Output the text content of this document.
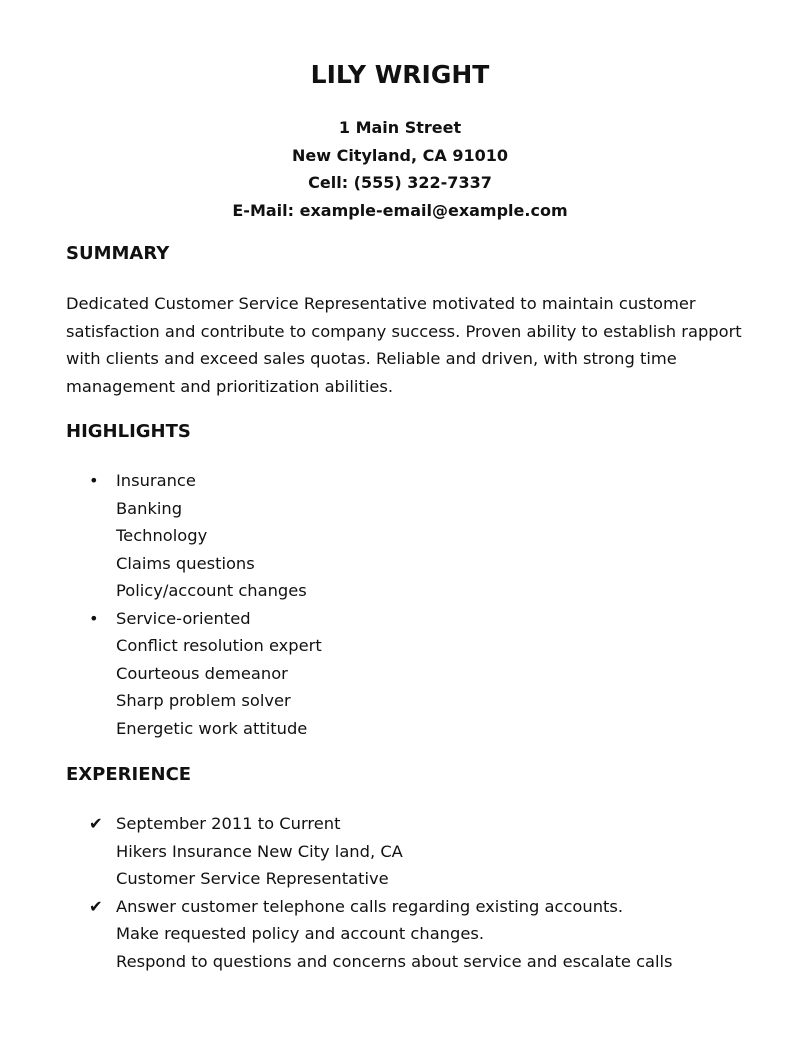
LILY WRIGHT
1 Main Street
New Cityland, CA 91010
Cell: (555) 322-7337
E-Mail: example-email@example.com
SUMMARY

Dedicated Customer Service Representative motivated to maintain customer satisfaction and contribute to company success. Proven ability to establish rapport with clients and exceed sales quotas. Reliable and driven, with strong time management and prioritization abilities.

HIGHLIGHTS
• Insurance
Banking
Technology
Claims questions
Policy/account changes
• Service-oriented
Conflict resolution expert
Courteous demeanor
Sharp problem solver
Energetic work attitude
EXPERIENCE
✔ September 2011 to Current
Hikers Insurance New City land, CA
Customer Service Representative
✔ Answer customer telephone calls regarding existing accounts.
Make requested policy and account changes.
Respond to questions and concerns about service and escalate calls
